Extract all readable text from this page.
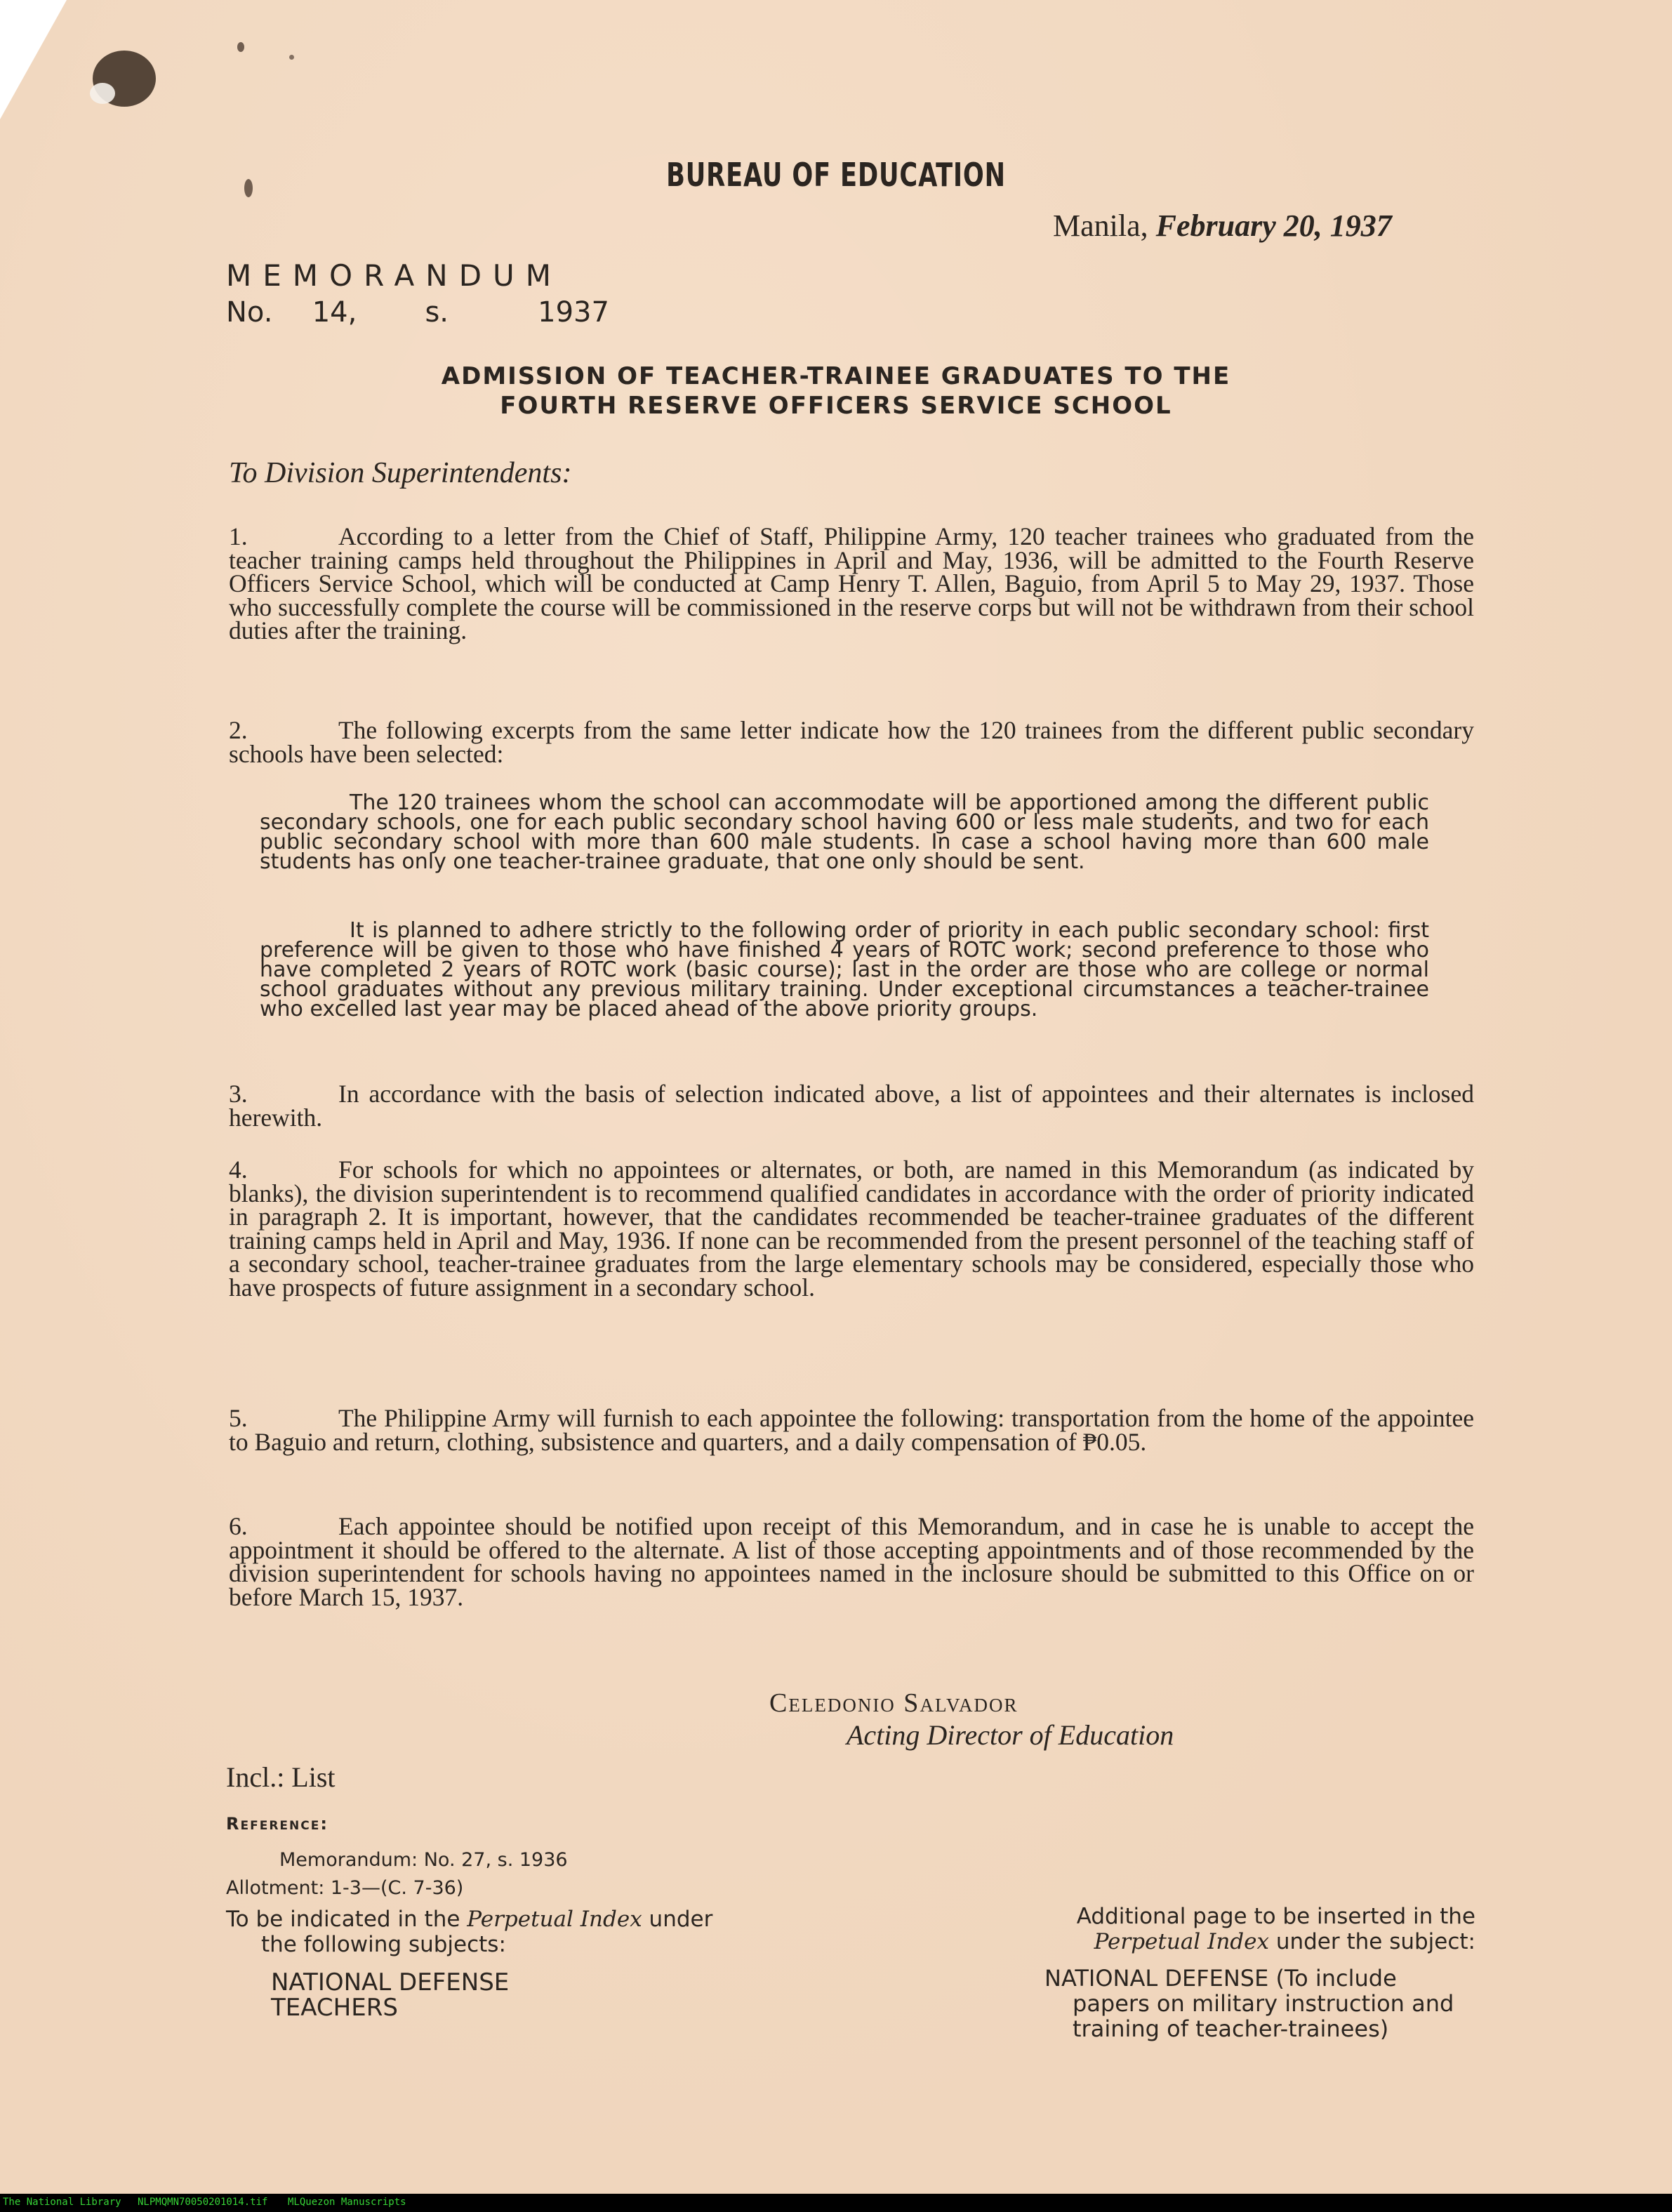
BUREAU OF EDUCATION
Manila, February 20, 1937
MEMORANDUM
No. 14, s.	1937
ADMISSION OF TEACHER-TRAINEE GRADUATES TO THE
FOURTH RESERVE OFFICERS SERVICE SCHOOL
To Division Superintendents:
1.	According to a letter from the Chief of Staff, Philippine Army, 120 teacher trainees who graduated from the teacher training camps held throughout the Philippines in April and May, 1936, will be admitted to the Fourth Reserve Officers Service School, which will be conducted at Camp Henry T. Allen, Baguio, from April 5 to May 29, 1937. Those who successfully complete the course will be commissioned in the reserve corps but will not be withdrawn from their school duties after the training.
2.	The following excerpts from the same letter indicate how the 120 trainees from the different public secondary schools have been selected:
The 120 trainees whom the school can accommodate will be apportioned among the different public secondary schools, one for each public secondary school having 600 or less male students, and two for each public secondary school with more than 600 male students. In case a school having more than 600 male students has only one teacher-trainee graduate, that one only should be sent.
It is planned to adhere strictly to the following order of priority in each public secondary school: first preference will be given to those who have finished 4 years of ROTC work; second preference to those who have completed 2 years of ROTC work (basic course); last in the order are those who are college or normal school graduates without any previous military training. Under exceptional circumstances a teacher-trainee who excelled last year may be placed ahead of the above priority groups.
3.	In accordance with the basis of selection indicated above, a list of appointees and their alternates is inclosed herewith.
4.	For schools for which no appointees or alternates, or both, are named in this Memorandum (as indicated by blanks), the division superintendent is to recommend qualified candidates in accordance with the order of priority indicated in paragraph 2. It is important, however, that the candidates recommended be teacher-trainee graduates of the different training camps held in April and May, 1936. If none can be recommended from the present personnel of the teaching staff of a secondary school, teacher-trainee graduates from the large elementary schools may be considered, especially those who have prospects of future assignment in a secondary school.
5.	The Philippine Army will furnish to each appointee the following: transportation from the home of the appointee to Baguio and return, clothing, subsistence and quarters, and a daily compensation of ₱0.05.
6.	Each appointee should be notified upon receipt of this Memorandum, and in case he is unable to accept the appointment it should be offered to the alternate. A list of those accepting appointments and of those recommended by the division superintendent for schools having no appointees named in the inclosure should be submitted to this Office on or before March 15, 1937.
Celedonio Salvador
Acting Director of Education
Incl.: List
Reference:
Memorandum: No. 27, s. 1936
Allotment: 1-3—(C. 7-36)
To be indicated in the Perpetual Index under
the following subjects:
NATIONAL DEFENSE
TEACHERS
Additional page to be inserted in the
Perpetual Index under the subject:
NATIONAL DEFENSE (To include
papers on military instruction and
training of teacher-trainees)
The National Library NLPMQMN70050201014.tif MLQuezon Manuscripts
